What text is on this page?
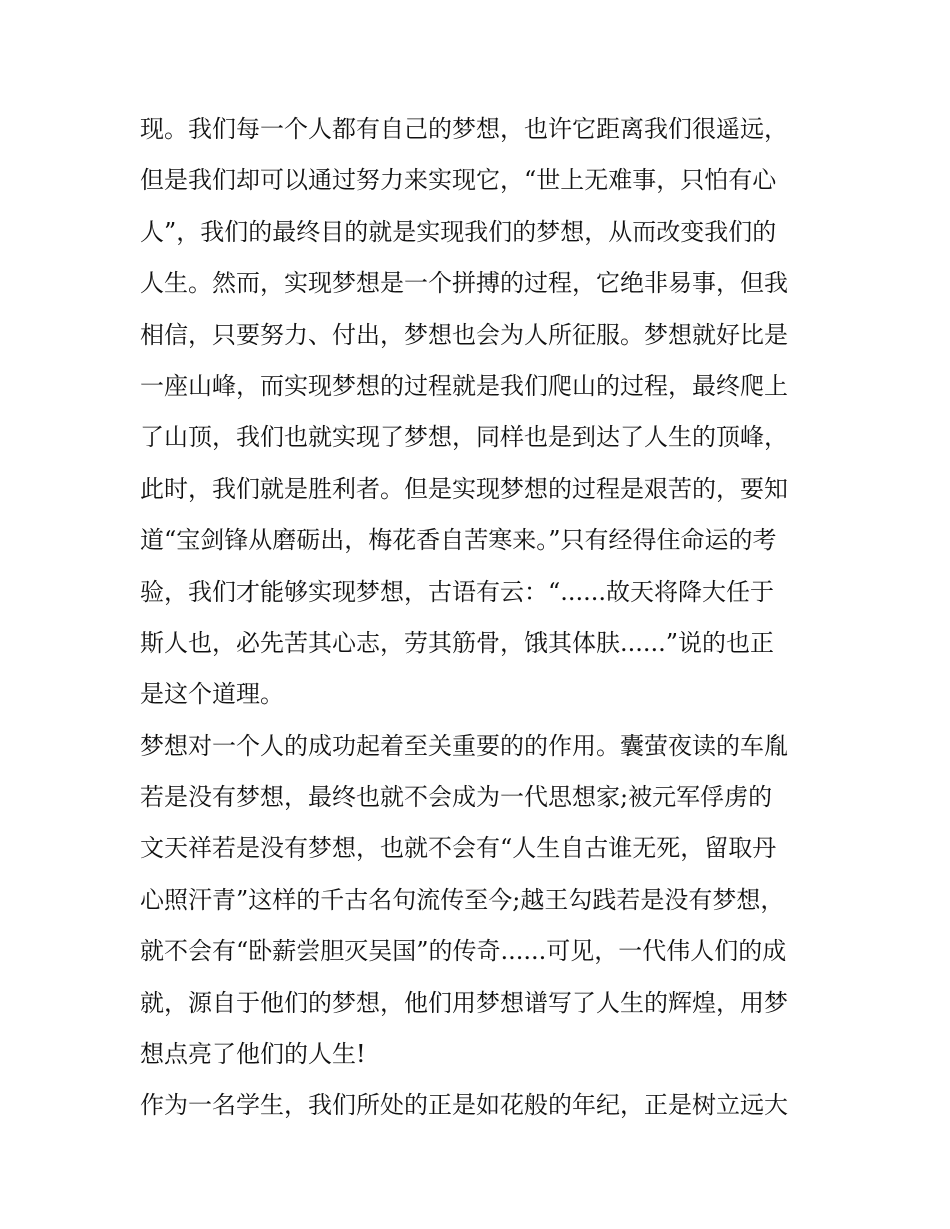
现。我们每一个人都有自己的梦想，也许它距离我们很遥远，
但是我们却可以通过努力来实现它，“世上无难事，只怕有心
人”，我们的最终目的就是实现我们的梦想，从而改变我们的
人生。然而，实现梦想是一个拼搏的过程，它绝非易事，但我
相信，只要努力、付出，梦想也会为人所征服。梦想就好比是
一座山峰，而实现梦想的过程就是我们爬山的过程，最终爬上
了山顶，我们也就实现了梦想，同样也是到达了人生的顶峰，
此时，我们就是胜利者。但是实现梦想的过程是艰苦的，要知
道“宝剑锋从磨砺出，梅花香自苦寒来。”只有经得住命运的考
验，我们才能够实现梦想，古语有云：“......故天将降大任于
斯人也，必先苦其心志，劳其筋骨，饿其体肤......”说的也正
是这个道理。
梦想对一个人的成功起着至关重要的的作用。囊萤夜读的车胤
若是没有梦想，最终也就不会成为一代思想家;被元军俘虏的
文天祥若是没有梦想，也就不会有“人生自古谁无死，留取丹
心照汗青”这样的千古名句流传至今;越王勾践若是没有梦想，
就不会有“卧薪尝胆灭吴国”的传奇......可见，一代伟人们的成
就，源自于他们的梦想，他们用梦想谱写了人生的辉煌，用梦
想点亮了他们的人生!
作为一名学生，我们所处的正是如花般的年纪，正是树立远大
